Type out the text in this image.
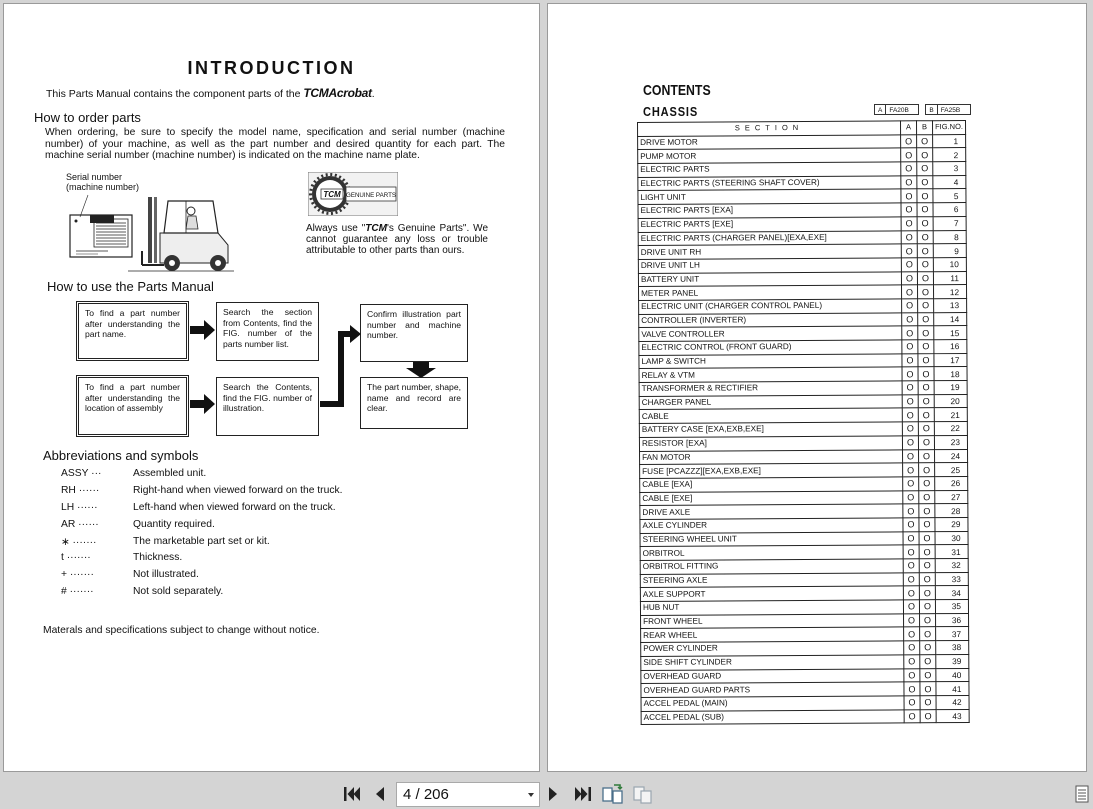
INTRODUCTION
This Parts Manual contains the component parts of the TCMAcrobat.
How to order parts
When ordering, be sure to specify the model name, specification and serial number (machine number) of your machine, as well as the part number and desired quantity for each part. The machine serial number (machine number) is indicated on the machine name plate.
Serial number
(machine number)
TCM GENUINE PARTS
Always use "TCM's Genuine Parts". We cannot guarantee any loss or trouble attributable to other parts than ours.
How to use the Parts Manual
To find a part number after understanding the part name.
Search the section from Contents, find the FIG. number of the parts number list.
Confirm illustration part number and machine number.
To find a part number after understanding the location of assembly
Search the Contents, find the FIG. number of illustration.
The part number, shape, name and record are clear.
Abbreviations and symbols
ASSY ···	Assembled unit.
RH ······	Right-hand when viewed forward on the truck.
LH ······	Left-hand when viewed forward on the truck.
AR ······	Quantity required.
∗ ·······	The marketable part set or kit.
t ·······	Thickness.
+ ·······	Not illustrated.
# ·······	Not sold separately.
Materals and specifications subject to change without notice.
CONTENTS
CHASSIS	A	FA20B	B	FA25B
SECTION	A	B	FIG.NO.
DRIVE MOTOR	O	O	1
PUMP MOTOR	O	O	2
ELECTRIC PARTS	O	O	3
ELECTRIC PARTS (STEERING SHAFT COVER)	O	O	4
LIGHT UNIT	O	O	5
ELECTRIC PARTS [EXA]	O	O	6
ELECTRIC PARTS [EXE]	O	O	7
ELECTRIC PARTS (CHARGER PANEL)[EXA,EXE]	O	O	8
DRIVE UNIT RH	O	O	9
DRIVE UNIT LH	O	O	10
BATTERY UNIT	O	O	11
METER PANEL	O	O	12
ELECTRIC UNIT (CHARGER CONTROL PANEL)	O	O	13
CONTROLLER (INVERTER)	O	O	14
VALVE CONTROLLER	O	O	15
ELECTRIC CONTROL (FRONT GUARD)	O	O	16
LAMP & SWITCH	O	O	17
RELAY & VTM	O	O	18
TRANSFORMER & RECTIFIER	O	O	19
CHARGER PANEL	O	O	20
CABLE	O	O	21
BATTERY CASE [EXA,EXB,EXE]	O	O	22
RESISTOR [EXA]	O	O	23
FAN MOTOR	O	O	24
FUSE [PCAZZZ][EXA,EXB,EXE]	O	O	25
CABLE [EXA]	O	O	26
CABLE [EXE]	O	O	27
DRIVE AXLE	O	O	28
AXLE CYLINDER	O	O	29
STEERING WHEEL UNIT	O	O	30
ORBITROL	O	O	31
ORBITROL FITTING	O	O	32
STEERING AXLE	O	O	33
AXLE SUPPORT	O	O	34
HUB NUT	O	O	35
FRONT WHEEL	O	O	36
REAR WHEEL	O	O	37
POWER CYLINDER	O	O	38
SIDE SHIFT CYLINDER	O	O	39
OVERHEAD GUARD	O	O	40
OVERHEAD GUARD PARTS	O	O	41
ACCEL PEDAL (MAIN)	O	O	42
ACCEL PEDAL (SUB)	O	O	43
4 / 206
